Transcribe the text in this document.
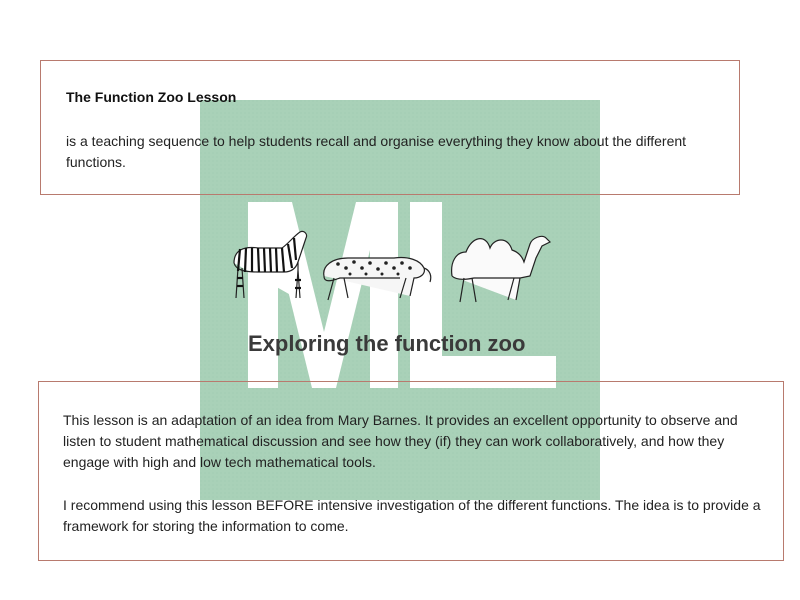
The Function Zoo Lesson
is a teaching sequence to help students recall and organise everything they know about the different functions.
Exploring the function zoo
This lesson is an adaptation of an idea from Mary Barnes. It provides an excellent opportunity to observe and listen to student mathematical discussion and see how they (if) they can work collaboratively, and how they engage with high and low tech mathematical tools.
I recommend using this lesson BEFORE intensive investigation of the different functions. The idea is to provide a framework for storing the information to come.
